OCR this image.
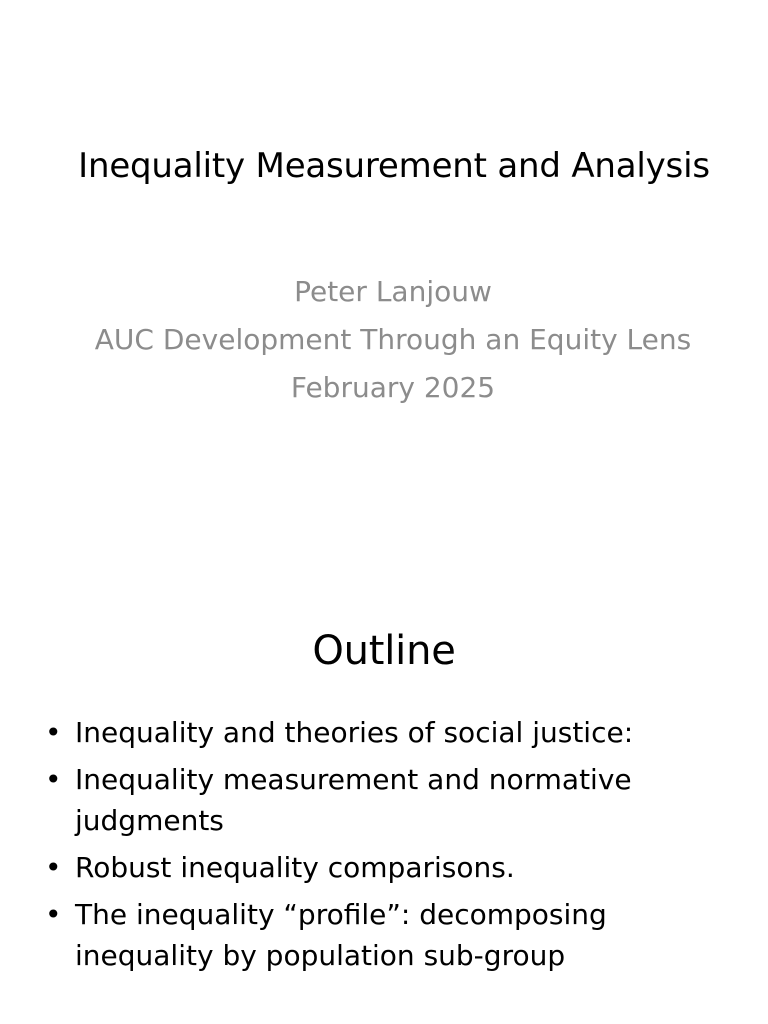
Inequality Measurement and Analysis
Peter Lanjouw
AUC Development Through an Equity Lens
February 2025
Outline
• Inequality and theories of social justice:
• Inequality measurement and normative judgments
• Robust inequality comparisons.
• The inequality “profile”: decomposing inequality by population sub-group
